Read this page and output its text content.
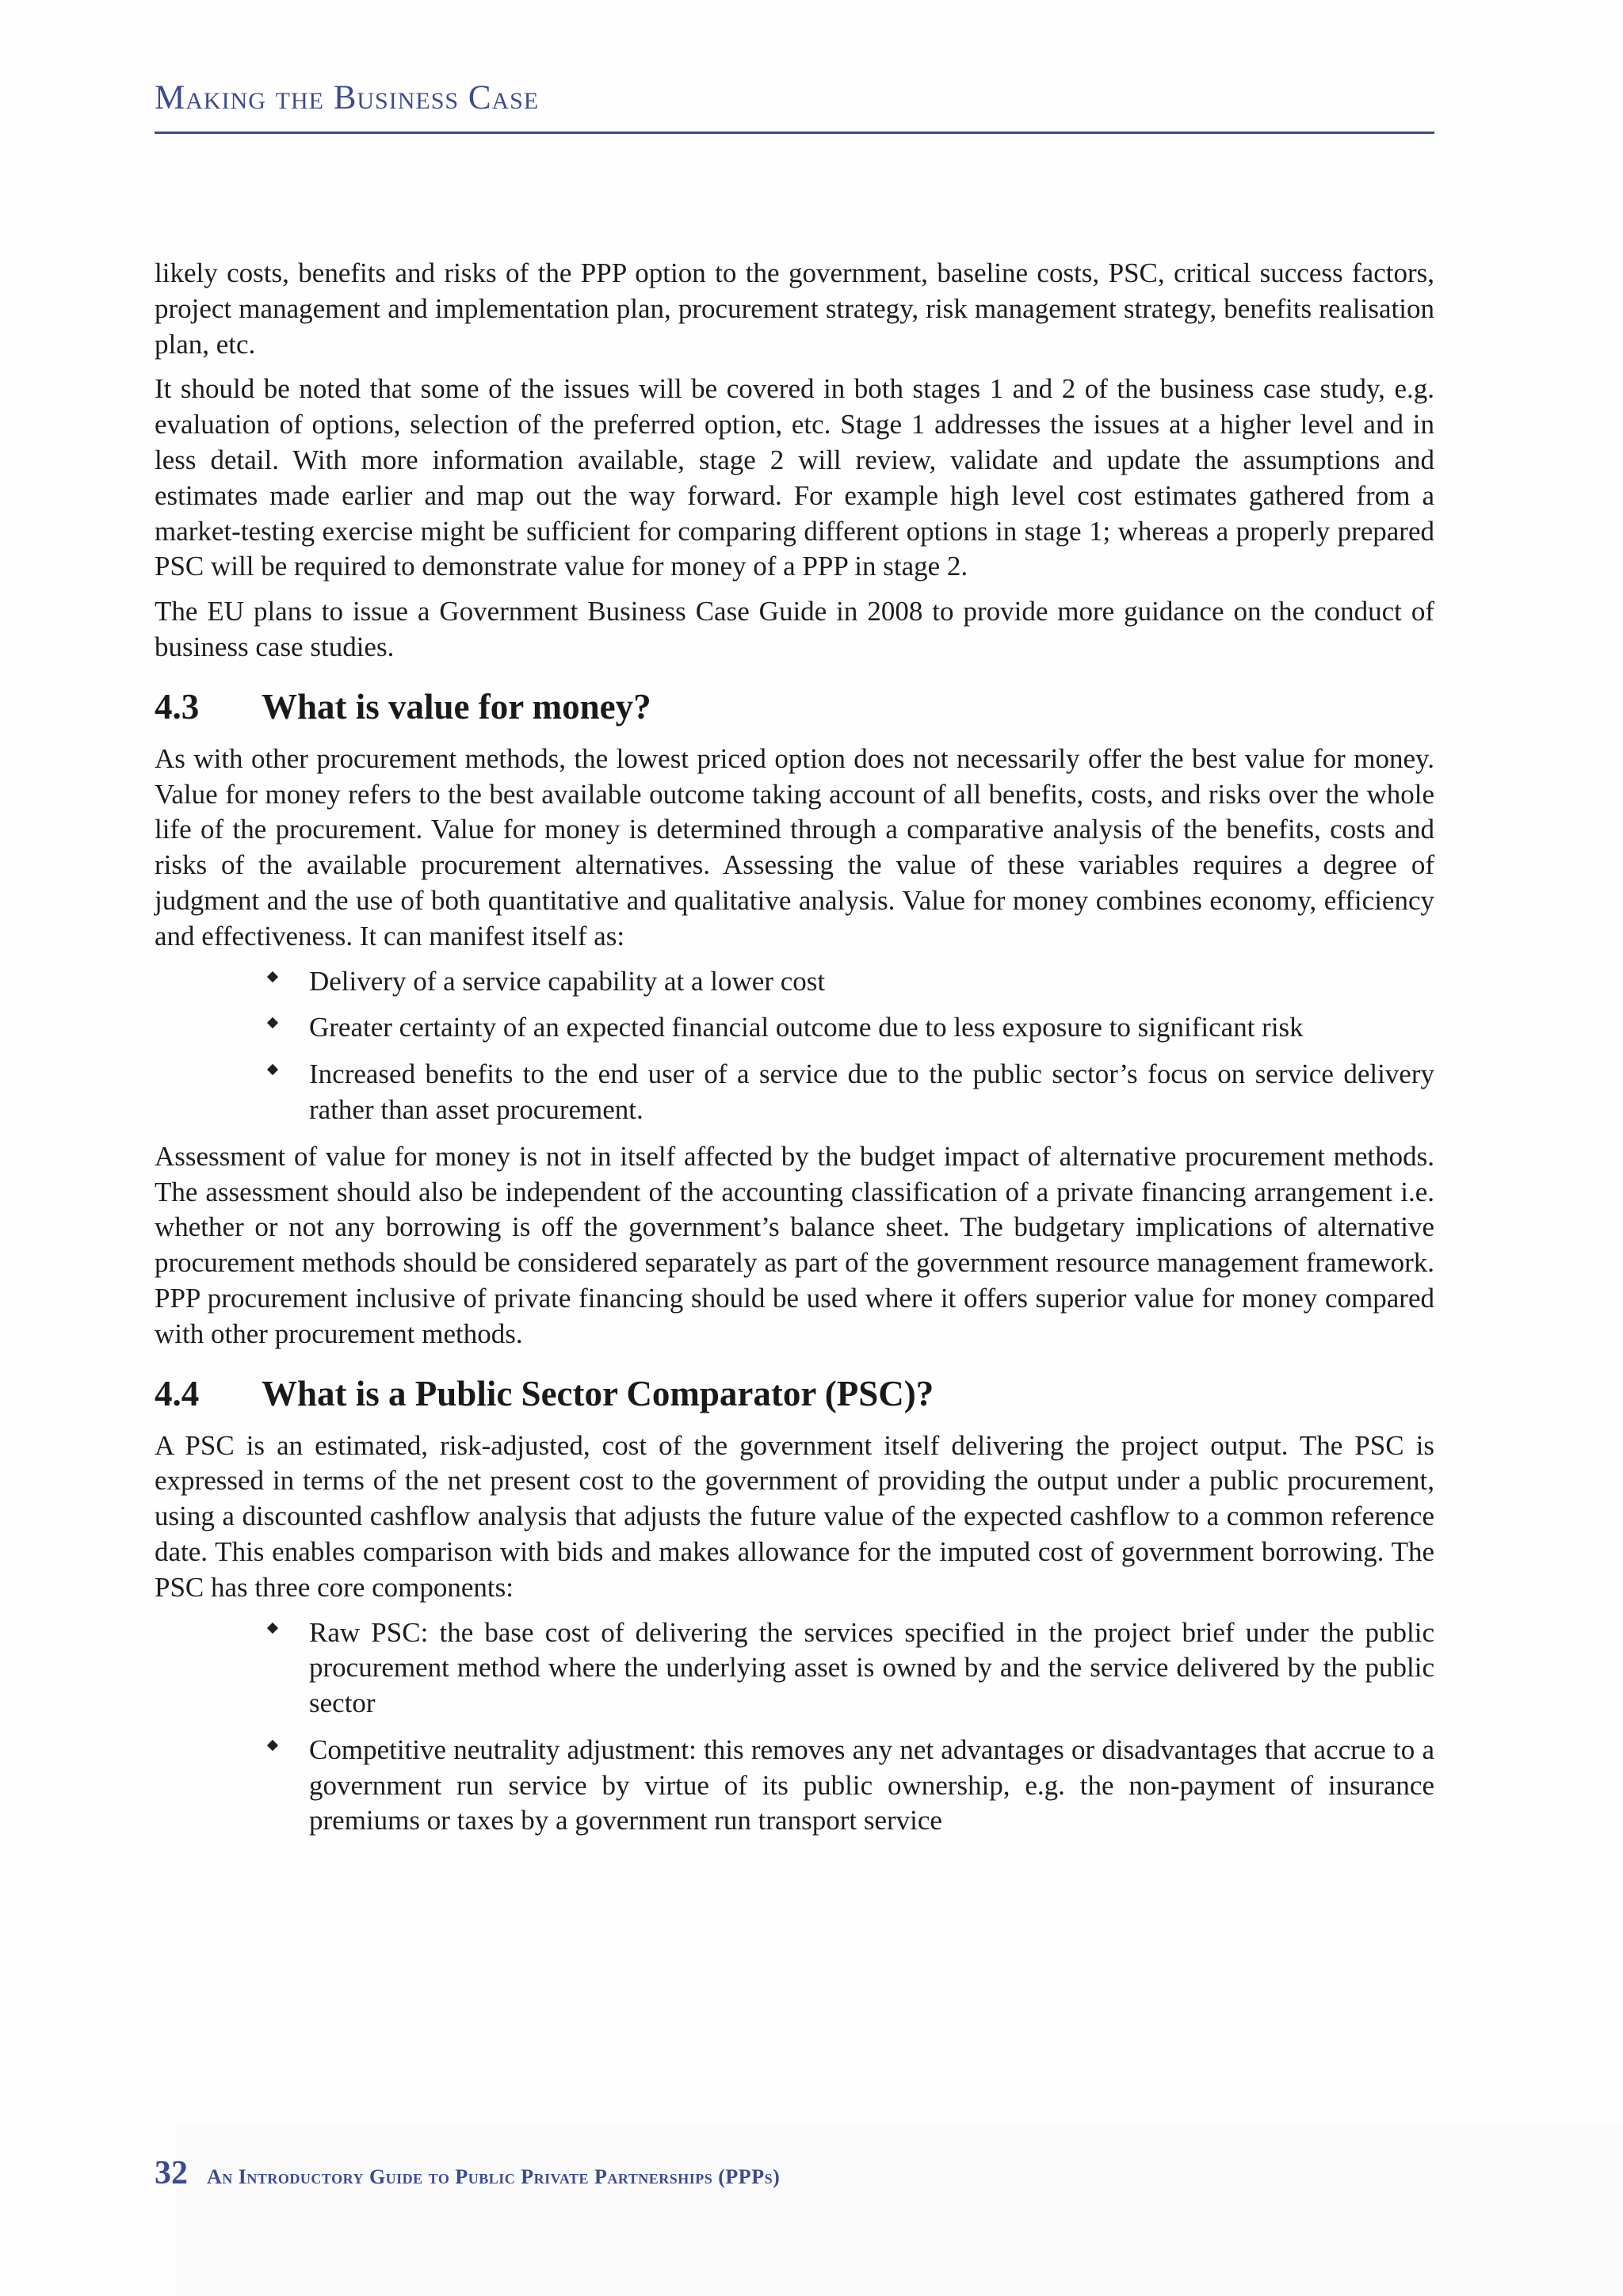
Making the Business Case

likely costs, benefits and risks of the PPP option to the government, baseline costs, PSC, critical success factors, project management and implementation plan, procurement strategy, risk management strategy, benefits realisation plan, etc.

It should be noted that some of the issues will be covered in both stages 1 and 2 of the business case study, e.g. evaluation of options, selection of the preferred option, etc. Stage 1 addresses the issues at a higher level and in less detail. With more information available, stage 2 will review, validate and update the assumptions and estimates made earlier and map out the way forward. For example high level cost estimates gathered from a market-testing exercise might be sufficient for comparing different options in stage 1; whereas a properly prepared PSC will be required to demonstrate value for money of a PPP in stage 2.

The EU plans to issue a Government Business Case Guide in 2008 to provide more guidance on the conduct of business case studies.

4.3	What is value for money?

As with other procurement methods, the lowest priced option does not necessarily offer the best value for money. Value for money refers to the best available outcome taking account of all benefits, costs, and risks over the whole life of the procurement. Value for money is determined through a comparative analysis of the benefits, costs and risks of the available procurement alternatives. Assessing the value of these variables requires a degree of judgment and the use of both quantitative and qualitative analysis. Value for money combines economy, efficiency and effectiveness. It can manifest itself as:

Delivery of a service capability at a lower cost
Greater certainty of an expected financial outcome due to less exposure to significant risk
Increased benefits to the end user of a service due to the public sector’s focus on service delivery rather than asset procurement.

Assessment of value for money is not in itself affected by the budget impact of alternative procurement methods. The assessment should also be independent of the accounting classification of a private financing arrangement i.e. whether or not any borrowing is off the government’s balance sheet. The budgetary implications of alternative procurement methods should be considered separately as part of the government resource management framework. PPP procurement inclusive of private financing should be used where it offers superior value for money compared with other procurement methods.

4.4	What is a Public Sector Comparator (PSC)?

A PSC is an estimated, risk-adjusted, cost of the government itself delivering the project output. The PSC is expressed in terms of the net present cost to the government of providing the output under a public procurement, using a discounted cashflow analysis that adjusts the future value of the expected cashflow to a common reference date. This enables comparison with bids and makes allowance for the imputed cost of government borrowing. The PSC has three core components:

Raw PSC: the base cost of delivering the services specified in the project brief under the public procurement method where the underlying asset is owned by and the service delivered by the public sector
Competitive neutrality adjustment: this removes any net advantages or disadvantages that accrue to a government run service by virtue of its public ownership, e.g. the non-payment of insurance premiums or taxes by a government run transport service
32 An Introductory Guide to Public Private Partnerships (PPPs)
